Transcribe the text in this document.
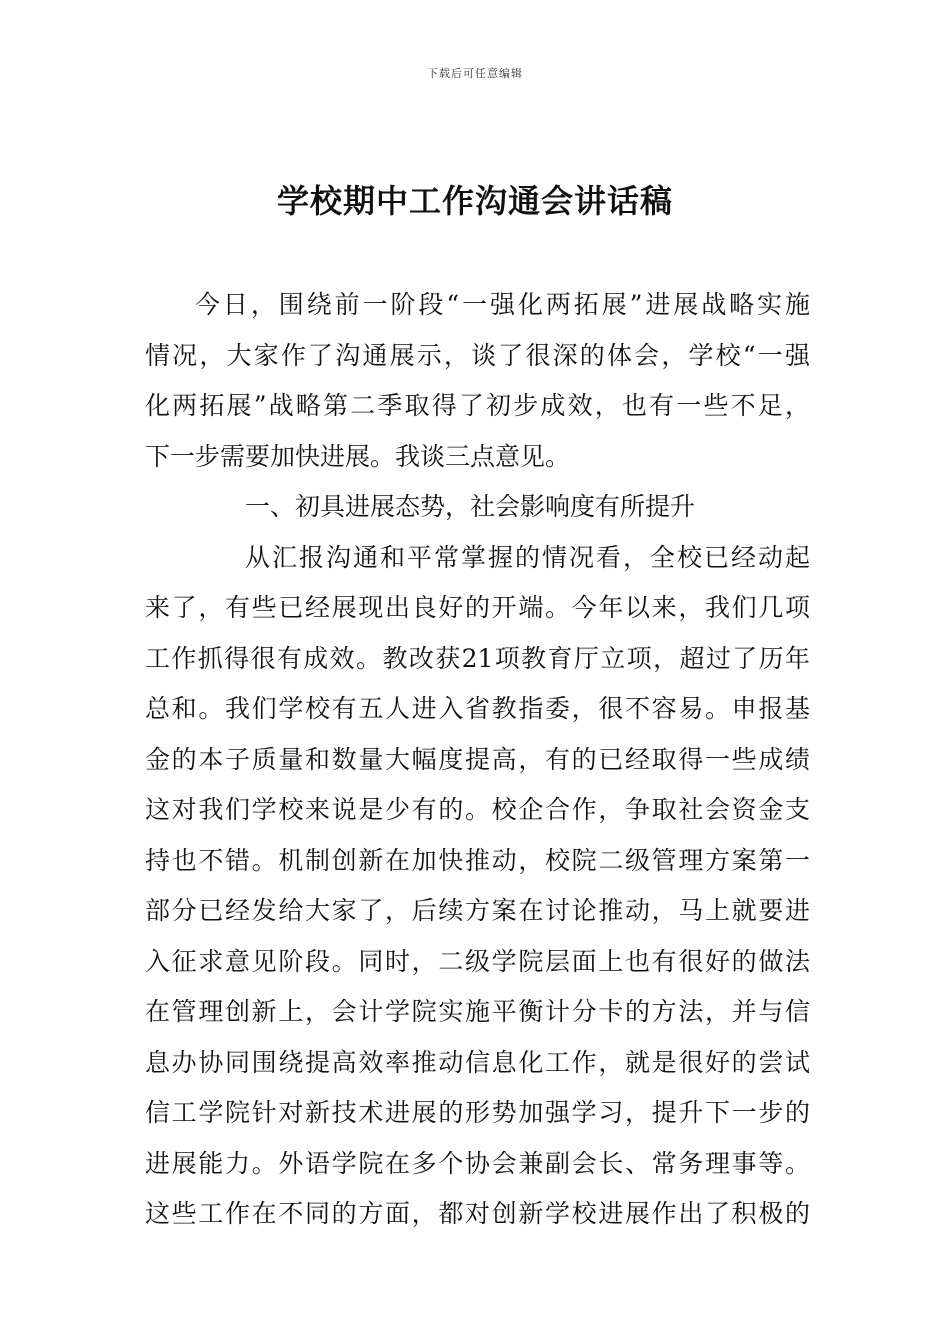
下载后可任意编辑
学校期中工作沟通会讲话稿
今日，围绕前一阶段“一强化两拓展”进展战略实施
情况，大家作了沟通展示，谈了很深的体会，学校“一强
化两拓展”战略第二季取得了初步成效，也有一些不足，
下一步需要加快进展。我谈三点意见。
一、初具进展态势，社会影响度有所提升
从汇报沟通和平常掌握的情况看，全校已经动起
来了，有些已经展现出良好的开端。今年以来，我们几项
工作抓得很有成效。教改获21项教育厅立项，超过了历年
总和。我们学校有五人进入省教指委，很不容易。申报基
金的本子质量和数量大幅度提高，有的已经取得一些成绩
这对我们学校来说是少有的。校企合作，争取社会资金支
持也不错。机制创新在加快推动，校院二级管理方案第一
部分已经发给大家了，后续方案在讨论推动，马上就要进
入征求意见阶段。同时，二级学院层面上也有很好的做法
在管理创新上，会计学院实施平衡计分卡的方法，并与信
息办协同围绕提高效率推动信息化工作，就是很好的尝试
信工学院针对新技术进展的形势加强学习，提升下一步的
进展能力。外语学院在多个协会兼副会长、常务理事等。
这些工作在不同的方面，都对创新学校进展作出了积极的
